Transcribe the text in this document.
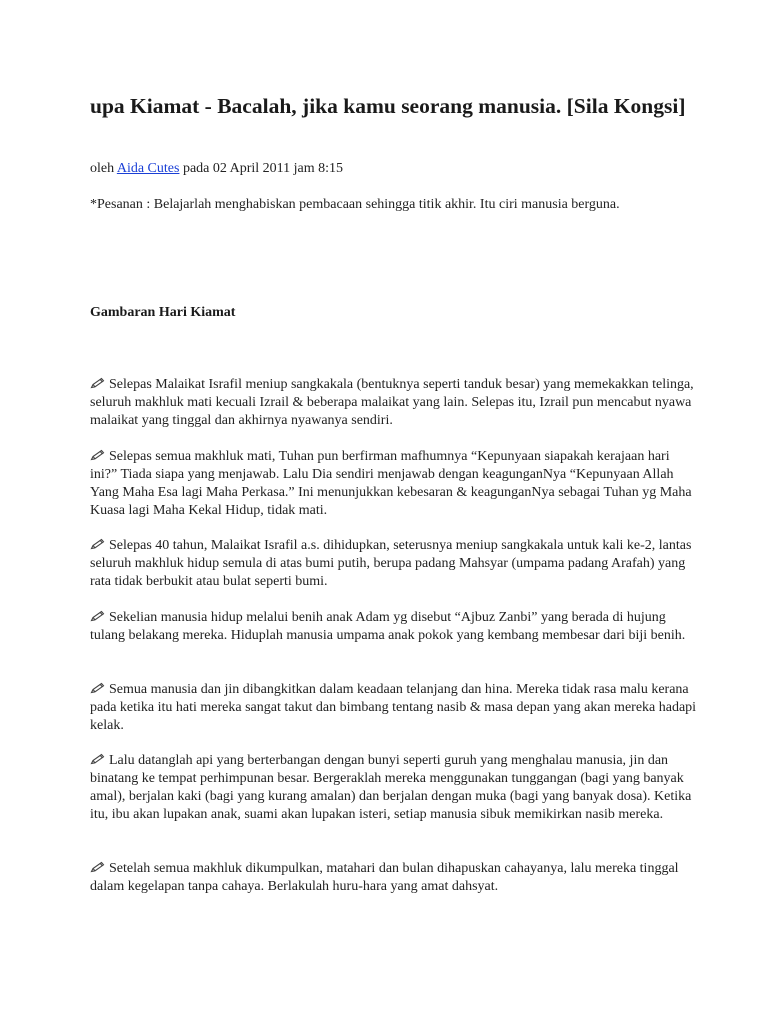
upa Kiamat - Bacalah, jika kamu seorang manusia. [Sila Kongsi]
oleh Aida Cutes pada 02 April 2011 jam 8:15
*Pesanan : Belajarlah menghabiskan pembacaan sehingga titik akhir. Itu ciri manusia berguna.
Gambaran Hari Kiamat

Selepas Malaikat Israfil meniup sangkakala (bentuknya seperti tanduk besar) yang memekakkan telinga, seluruh makhluk mati kecuali Izrail & beberapa malaikat yang lain. Selepas itu, Izrail pun mencabut nyawa malaikat yang tinggal dan akhirnya nyawanya sendiri.

Selepas semua makhluk mati, Tuhan pun berfirman mafhumnya “Kepunyaan siapakah kerajaan hari ini?” Tiada siapa yang menjawab. Lalu Dia sendiri menjawab dengan keagunganNya “Kepunyaan Allah Yang Maha Esa lagi Maha Perkasa.” Ini menunjukkan kebesaran & keagunganNya sebagai Tuhan yg Maha Kuasa lagi Maha Kekal Hidup, tidak mati.

Selepas 40 tahun, Malaikat Israfil a.s. dihidupkan, seterusnya meniup sangkakala untuk kali ke-2, lantas seluruh makhluk hidup semula di atas bumi putih, berupa padang Mahsyar (umpama padang Arafah) yang rata tidak berbukit atau bulat seperti bumi.

Sekelian manusia hidup melalui benih anak Adam yg disebut “Ajbuz Zanbi” yang berada di hujung tulang belakang mereka. Hiduplah manusia umpama anak pokok yang kembang membesar dari biji benih.

Semua manusia dan jin dibangkitkan dalam keadaan telanjang dan hina. Mereka tidak rasa malu kerana pada ketika itu hati mereka sangat takut dan bimbang tentang nasib & masa depan yang akan mereka hadapi kelak.

Lalu datanglah api yang berterbangan dengan bunyi seperti guruh yang menghalau manusia, jin dan binatang ke tempat perhimpunan besar. Bergeraklah mereka menggunakan tunggangan (bagi yang banyak amal), berjalan kaki (bagi yang kurang amalan) dan berjalan dengan muka (bagi yang banyak dosa). Ketika itu, ibu akan lupakan anak, suami akan lupakan isteri, setiap manusia sibuk memikirkan nasib mereka.

Setelah semua makhluk dikumpulkan, matahari dan bulan dihapuskan cahayanya, lalu mereka tinggal dalam kegelapan tanpa cahaya. Berlakulah huru-hara yang amat dahsyat.
